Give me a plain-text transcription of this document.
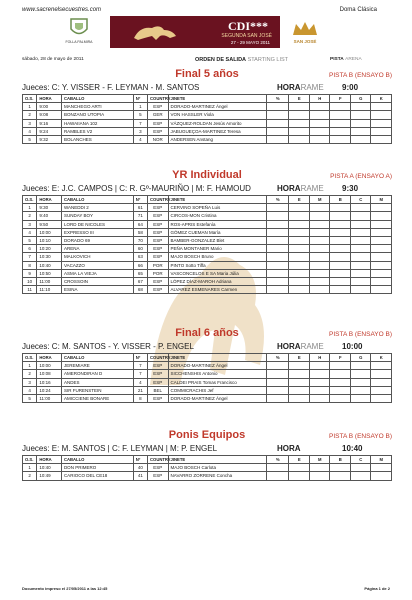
www.sacrenelsecuestres.com	Doma Clásica
FOLLA PALMIRA
CDI***
SEGUNDA SAN JOSÉ
27 - 29 MAYO 2011	SAN JOSÉ
sábado, 28 de mayo de 2011	ORDEN DE SALIDA STARTING LIST	PISTA ARENA
Final 5 años	PISTA B (ENSAYO B)
Jueces: C: Y. VISSER - F. LEYMAN - M. SANTOS	HORARAME 9:00
O.S.	HORA	CABALLO	Nº	COUNTRY	JINETE	%	E	H	F	G	K
1	9:00	MANCHEGO ARTI	1	ESP	DORADO-MARTINEZ Ángel						
2	9:08	BONZANO UTOPIA	5	GER	VON HASSLER Viola						
3	9:16	HAWAIIANA 102	7	ESP	VÁZQUEZ-ROLDAN Jesús Amorito						
4	9:24	RAMBLES V2	3	ESP	JABUGUEÇOA-MARTINEZ Teresa						
5	9:32	BOLANCHES	4	NOR	ANDERSEN Anstang						
YR Individual	PISTA A (ENSAYO A)
Jueces: E: J.C. CAMPOS | C: R. Gº-MAURIÑO | M: F. HAMOUD	HORARAME 9:30
O.S.	HORA	CABALLO	Nº	COUNTRY	JINETE	%	E	M	B	C	M
1	9:30	WANEDDI 2	61	ESP	CERVINO SOPEÑA Luis						
2	9:40	SUNDAY BOY	71	ESP	CIRCOS-MON Cristina						
3	9:50	LORD DE NICOLES	64	ESP	ROS-APRIS Estefanía						
4	10:00	EXPRESSO III	58	ESP	GÓMEZ CUEMAN María						
5	10:10	DORADO 69	70	ESP	BAMBER-GONZALEZ Blet						
6	10:20	ARENA	60	ESP	PEÑA MONTANER Mario						
7	10:30	MALKOVICH	63	ESP	MAJO BOSCH Bruno						
8	10:40	VACAZZO	66	POR	PINTO Sotto Tiffa						
9	10:50	ASMA LA VIEJA	65	POR	VASCONCELOS E SA Maria Júlia						
10	11:00	CROSSOIN	67	ESP	LÓPEZ DÍAZ-MAROH Adriana						
11	11:10	ESINA	68	ESP	ALVAREZ ESMENARES Carmen						
Final 6 años	PISTA B (ENSAYO B)
Jueces: C: M. SANTOS - Y. VISSER - P. ENGEL	HORARAME 10:00
O.S.	HORA	CABALLO	Nº	COUNTRY	JINETE	%	E	H	F	G	K
1	10:00	JEREMIARE	7	ESP	DORADO-MARTINEZ Ángel						
2	10:08	AMERONDIRAN D	7	ESP	SICCHENSHIS Antonio						
3	10:16	ANDES	4	ESP	CALDEI PRAIS Tomas Francisco						
4	10:24	SIR FURENSTEIN	21	BEL	COMMICRACHIS Jef						
5	11:00	AMICCIENE BONARE	8	ESP	DORADO-MARTINEZ Ángel						
Ponis Equipos	PISTA B (ENSAYO B)
Jueces: E: M. SANTOS | C: F. LEYMAN | M: P. ENGEL	HORA	10:40
O.S.	HORA	CABALLO	Nº	COUNTRY	JINETE	%	E	M	B	C	M
1	10:40	DON PRIMERO	40	ESP	MAJO BOSCH Carlota						
2	10:49	CARIOCO DEL CE18	41	ESP	NAVARRO ZORRENE Concha						
Documento impreso el 27/05/2011 a las 12:45	Página 1 de 2
